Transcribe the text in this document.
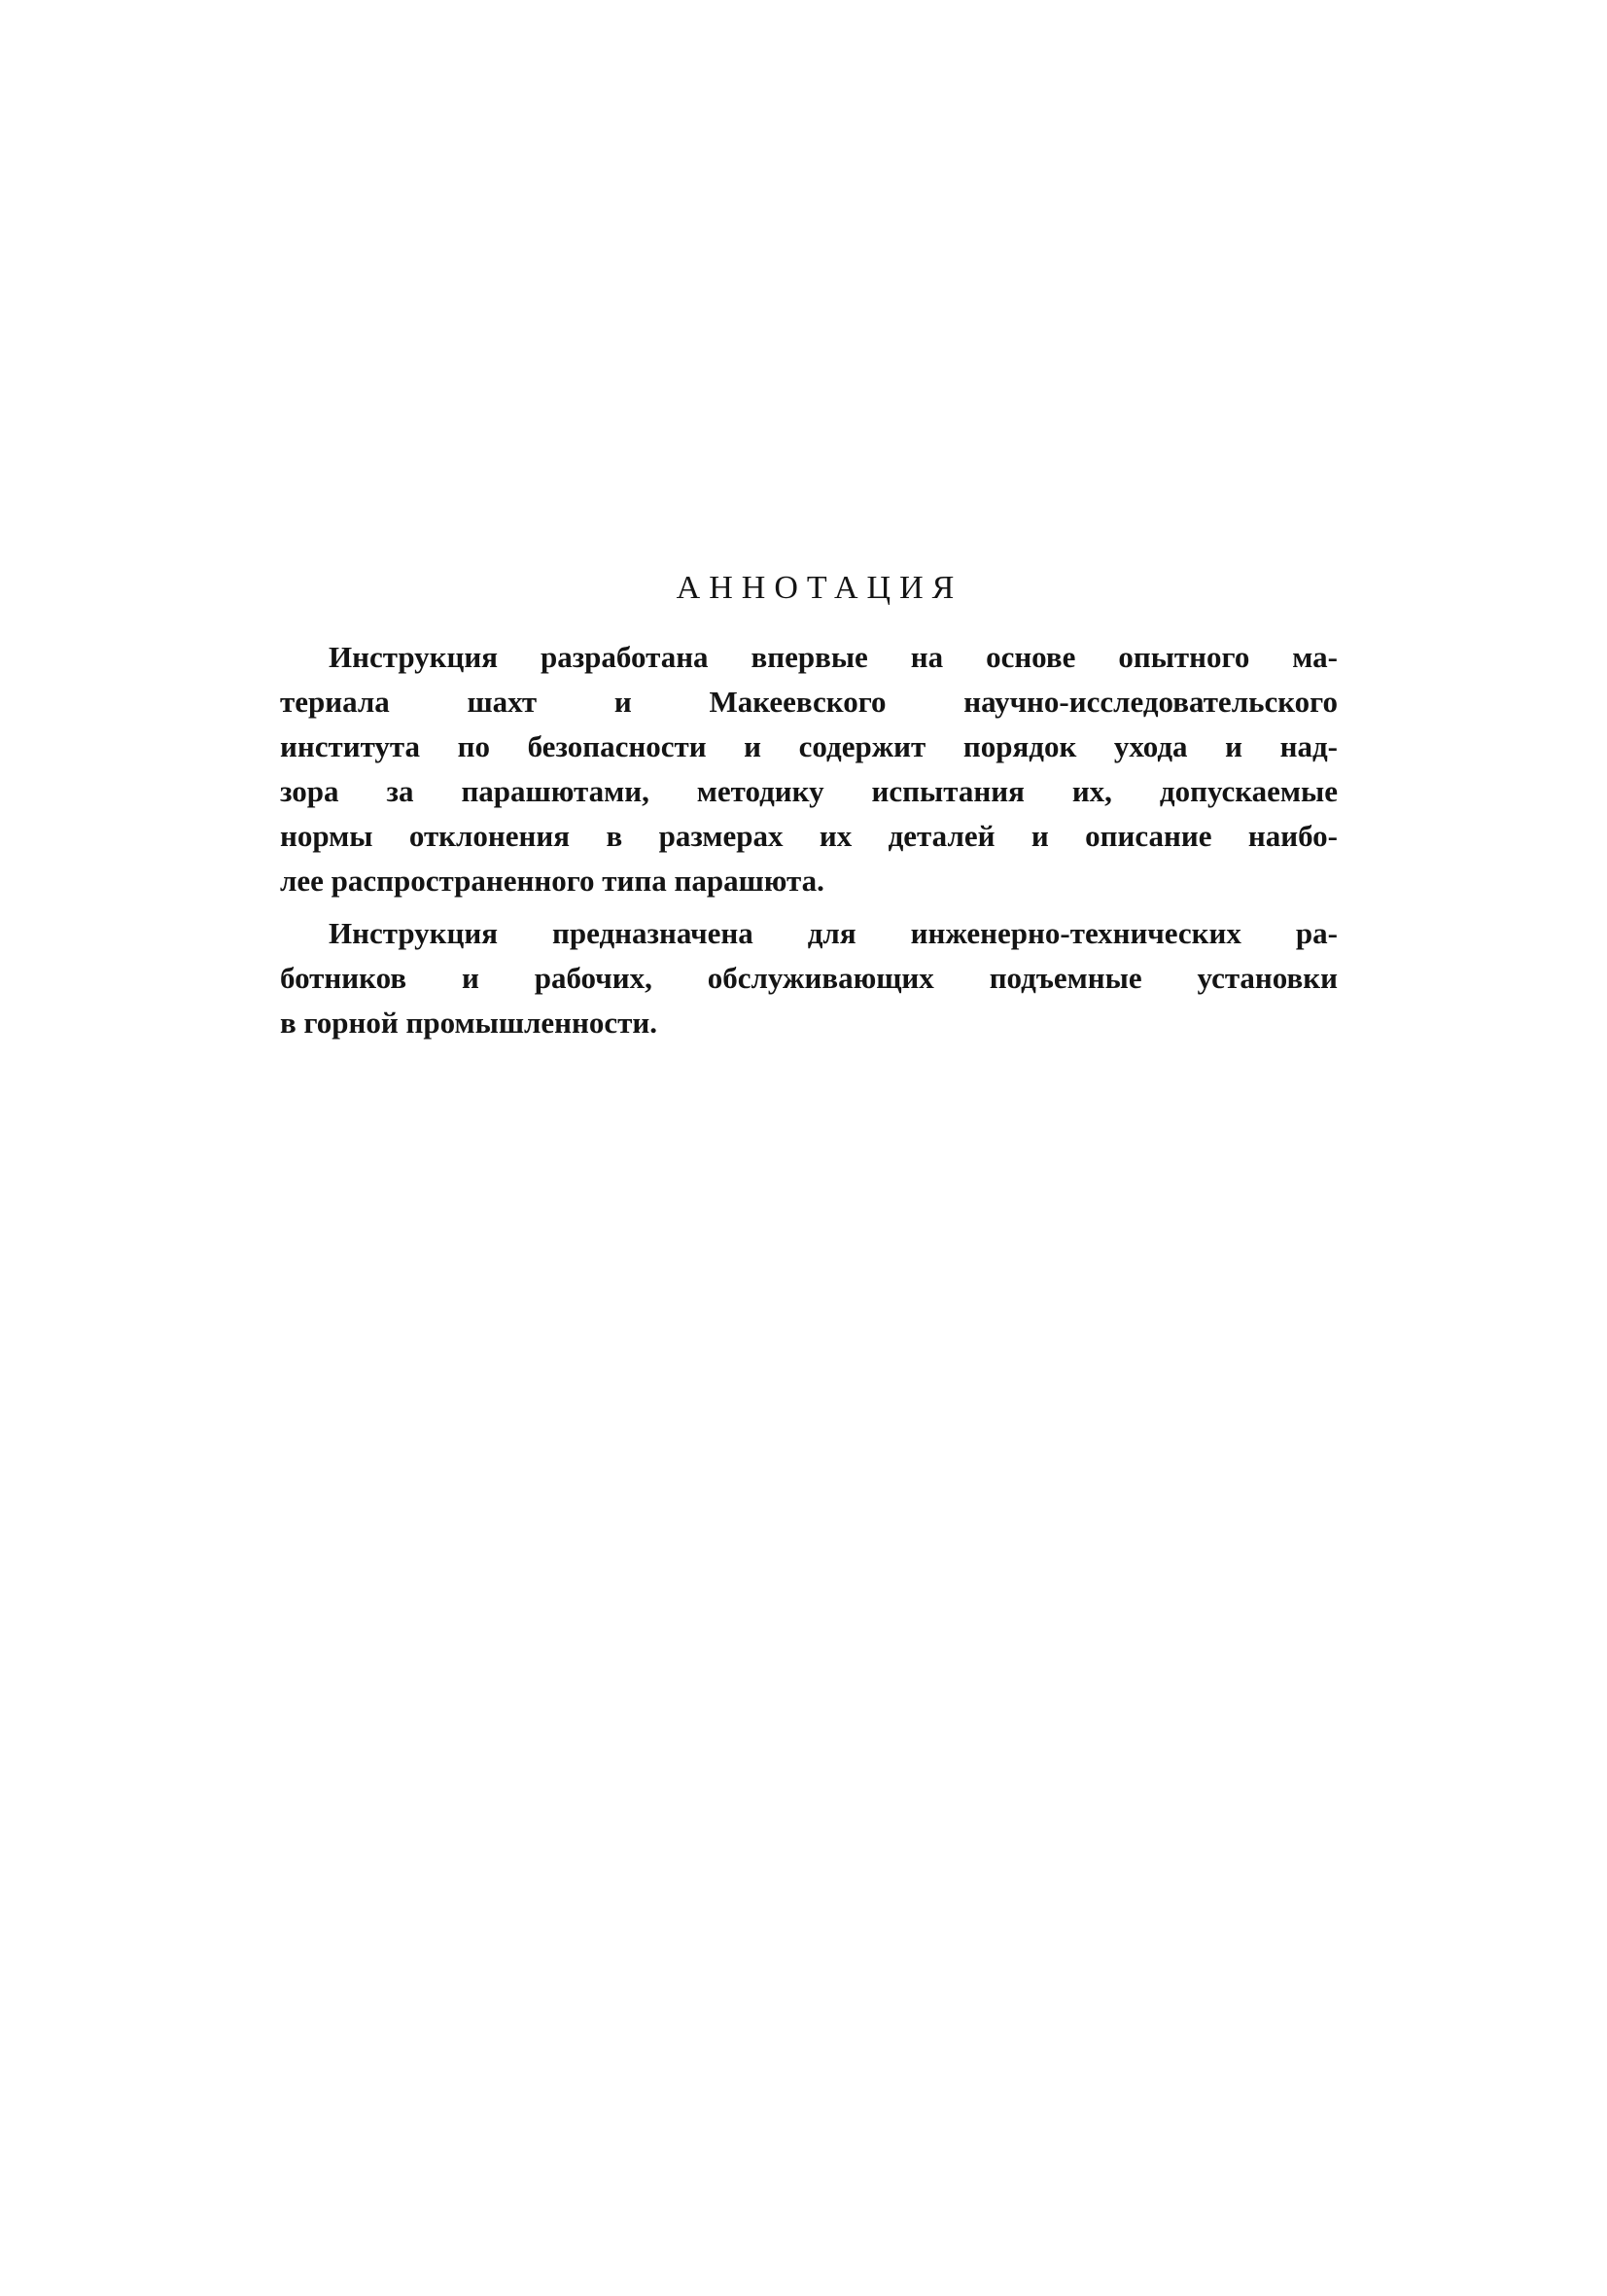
АННОТАЦИЯ

Инструкция разработана впервые на основе опытного ма-
териала шахт и Макеевского научно-исследовательского
института по безопасности и содержит порядок ухода и над-
зора за парашютами, методику испытания их, допускаемые
нормы отклонения в размерах их деталей и описание наибо-
лее распространенного типа парашюта.

Инструкция предназначена для инженерно-технических ра-
ботников и рабочих, обслуживающих подъемные установки
в горной промышленности.
